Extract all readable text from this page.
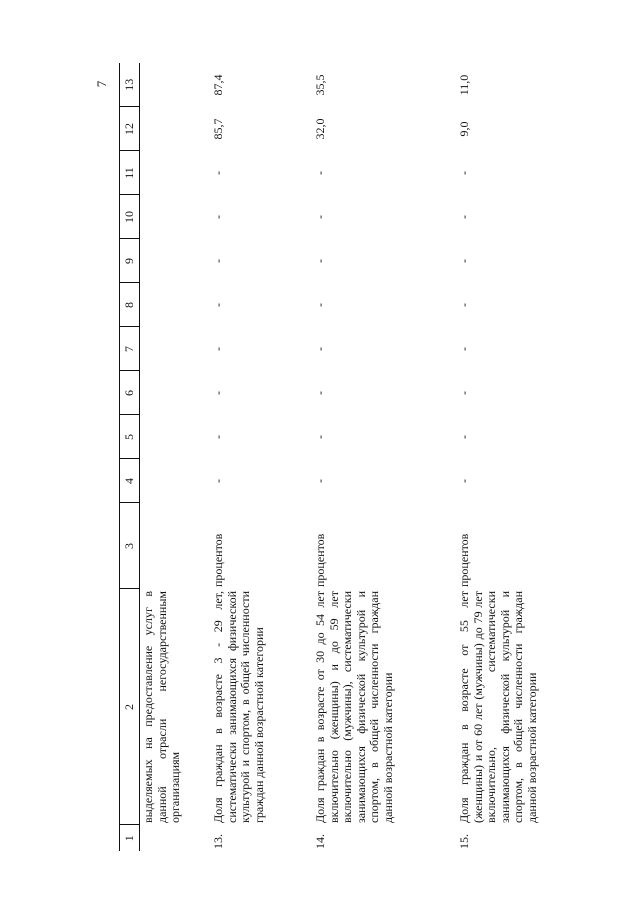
7
1	2	3	4	5	6	7	8	9	10	11	12	13
	выделяемых на предоставление услуг в данной отрасли негосударственным организациям											
13.	Доля граждан в возрасте 3 - 29 лет, систематически занимающихся физической культурой и спортом, в общей численности граждан данной возрастной категории	процентов	-	-	-	-	-	-	-	-	85,7	87,4
14.	Доля граждан в возрасте от 30 до 54 лет включительно (женщины) и до 59 лет включительно (мужчины), систематически занимающихся физической культурой и спортом, в общей численности граждан данной возрастной категории	процентов	-	-	-	-	-	-	-	-	32,0	35,5
15.	Доля граждан в возрасте от 55 лет (женщины) и от 60 лет (мужчины) до 79 лет включительно, систематически занимающихся физической культурой и спортом, в общей численности граждан данной возрастной категории	процентов	-	-	-	-	-	-	-	-	9,0	11,0
